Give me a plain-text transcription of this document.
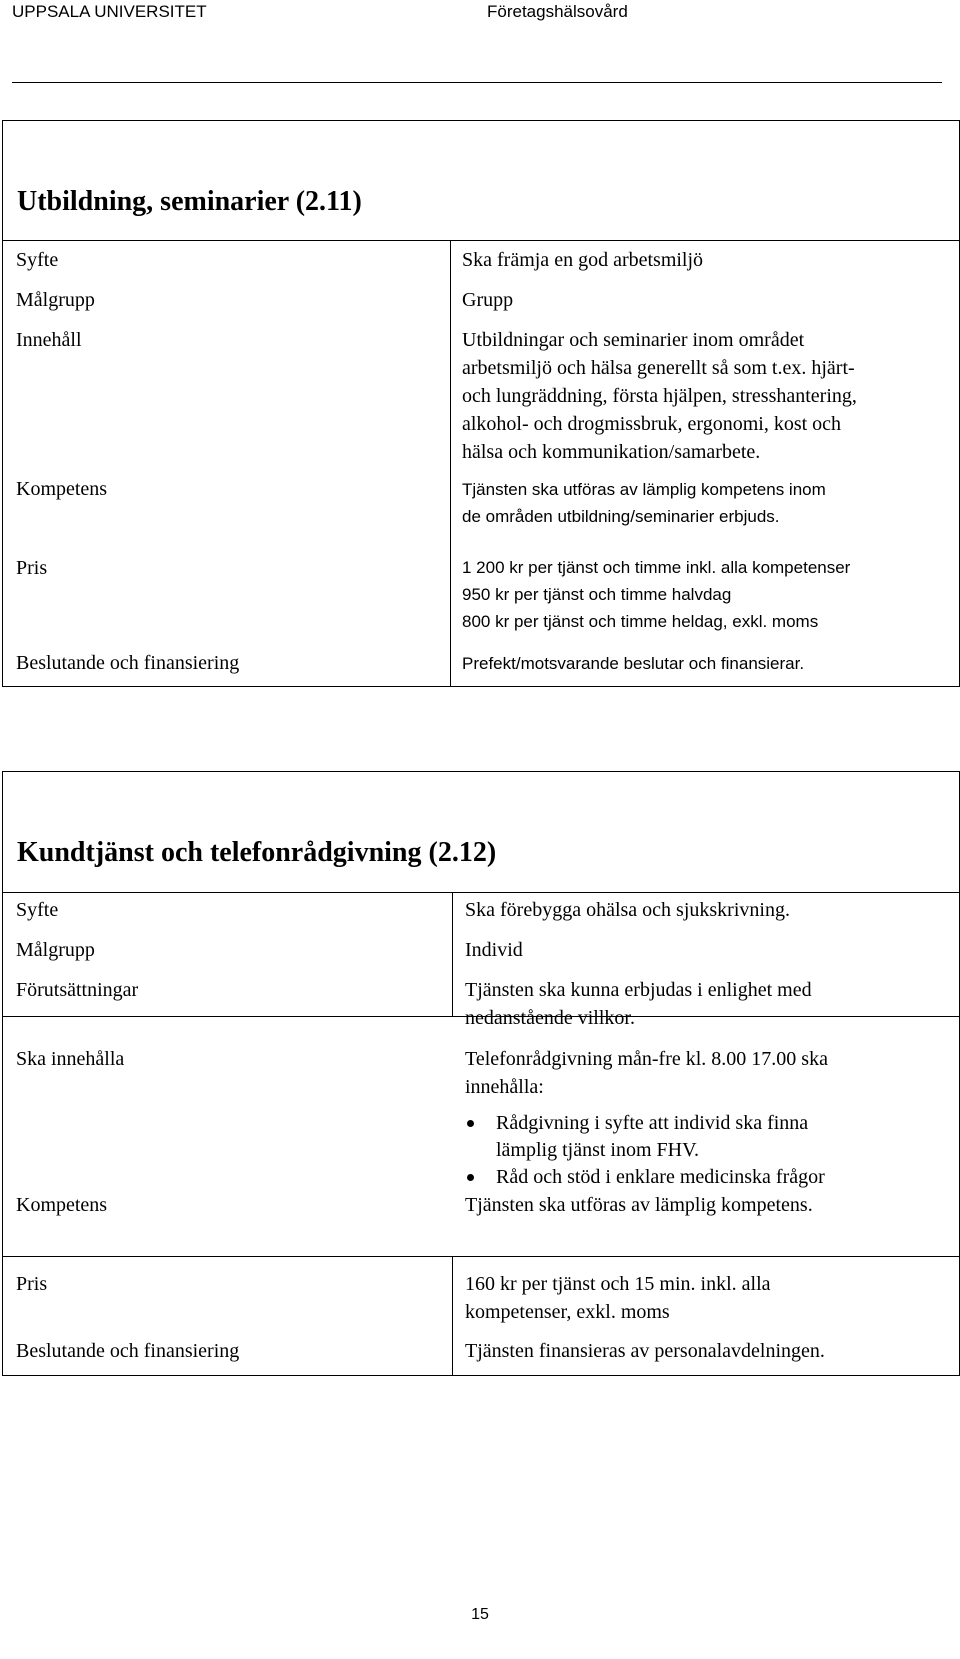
UPPSALA UNIVERSITET	Företagshälsovård
Utbildning, seminarier (2.11)
Syfte	Ska främja en god arbetsmiljö
Målgrupp	Grupp
Innehåll	Utbildningar och seminarier inom området
arbetsmiljö och hälsa generellt så som t.ex. hjärt-
och lungräddning, första hjälpen, stresshantering,
alkohol- och drogmissbruk, ergonomi, kost och
hälsa och kommunikation/samarbete.
Kompetens	Tjänsten ska utföras av lämplig kompetens inom
de områden utbildning/seminarier erbjuds.
Pris	1 200 kr per tjänst och timme inkl. alla kompetenser
950 kr per tjänst och timme halvdag
800 kr per tjänst och timme heldag, exkl. moms
Beslutande och finansiering	Prefekt/motsvarande beslutar och finansierar.
Kundtjänst och telefonrådgivning (2.12)
Syfte	Ska förebygga ohälsa och sjukskrivning.
Målgrupp	Individ
Förutsättningar	Tjänsten ska kunna erbjudas i enlighet med
nedanstående villkor.
Ska innehålla	Telefonrådgivning mån-fre kl. 8.00 17.00 ska
innehålla:
Rådgivning i syfte att individ ska finna
lämplig tjänst inom FHV.
Råd och stöd i enklare medicinska frågor
Kompetens	Tjänsten ska utföras av lämplig kompetens.
Pris	160 kr per tjänst och 15 min. inkl. alla
kompetenser, exkl. moms
Beslutande och finansiering	Tjänsten finansieras av personalavdelningen.
15
